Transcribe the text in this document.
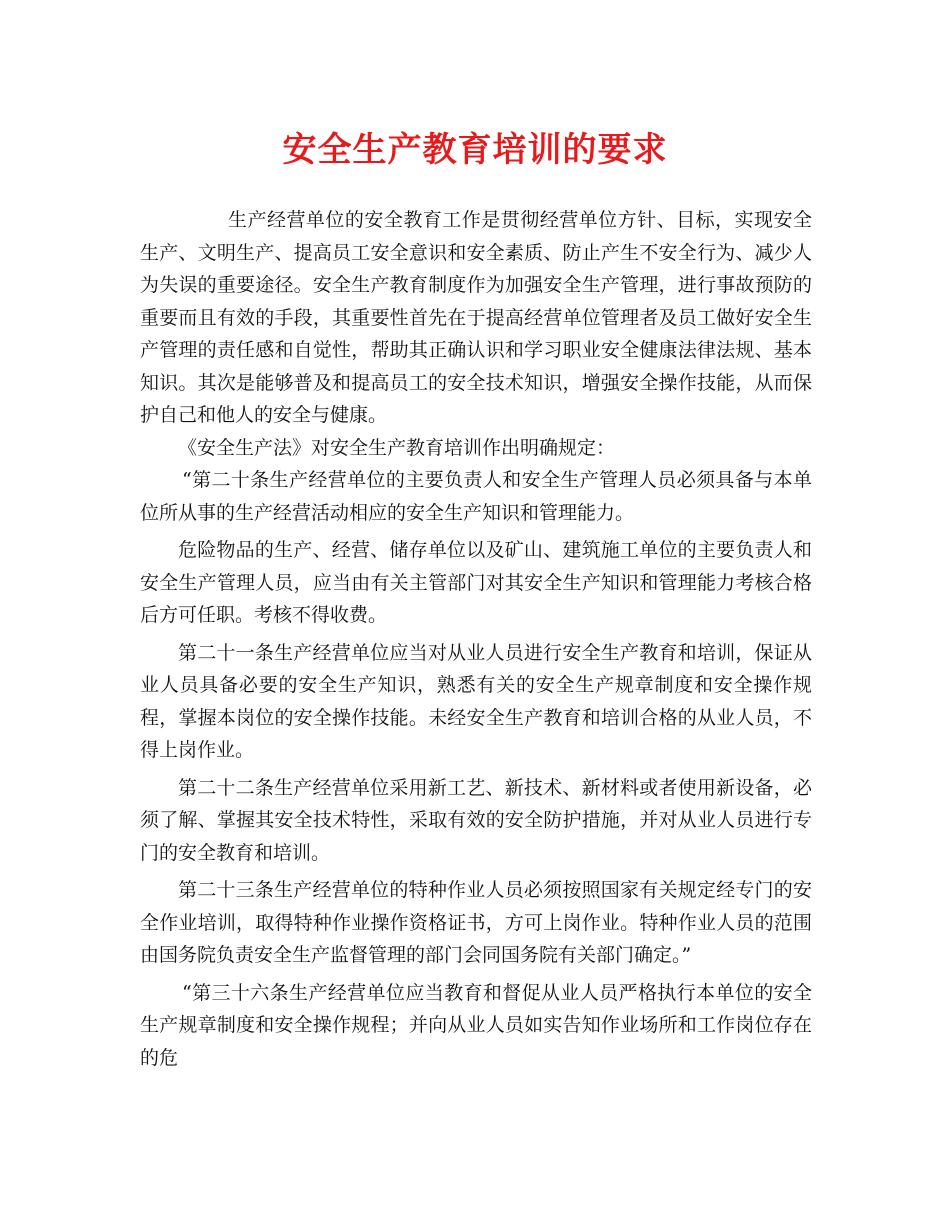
安全生产教育培训的要求

生产经营单位的安全教育工作是贯彻经营单位方针、目标，实现安全生产、文明生产、提高员工安全意识和安全素质、防止产生不安全行为、减少人为失误的重要途径。安全生产教育制度作为加强安全生产管理，进行事故预防的重要而且有效的手段，其重要性首先在于提高经营单位管理者及员工做好安全生产管理的责任感和自觉性，帮助其正确认识和学习职业安全健康法律法规、基本知识。其次是能够普及和提高员工的安全技术知识，增强安全操作技能，从而保护自己和他人的安全与健康。

《安全生产法》对安全生产教育培训作出明确规定：

“第二十条生产经营单位的主要负责人和安全生产管理人员必须具备与本单位所从事的生产经营活动相应的安全生产知识和管理能力。

危险物品的生产、经营、储存单位以及矿山、建筑施工单位的主要负责人和安全生产管理人员，应当由有关主管部门对其安全生产知识和管理能力考核合格后方可任职。考核不得收费。

第二十一条生产经营单位应当对从业人员进行安全生产教育和培训，保证从业人员具备必要的安全生产知识，熟悉有关的安全生产规章制度和安全操作规程，掌握本岗位的安全操作技能。未经安全生产教育和培训合格的从业人员，不得上岗作业。

第二十二条生产经营单位采用新工艺、新技术、新材料或者使用新设备，必须了解、掌握其安全技术特性，采取有效的安全防护措施，并对从业人员进行专门的安全教育和培训。

第二十三条生产经营单位的特种作业人员必须按照国家有关规定经专门的安全作业培训，取得特种作业操作资格证书，方可上岗作业。特种作业人员的范围由国务院负责安全生产监督管理的部门会同国务院有关部门确定。”

“第三十六条生产经营单位应当教育和督促从业人员严格执行本单位的安全生产规章制度和安全操作规程；并向从业人员如实告知作业场所和工作岗位存在的危
